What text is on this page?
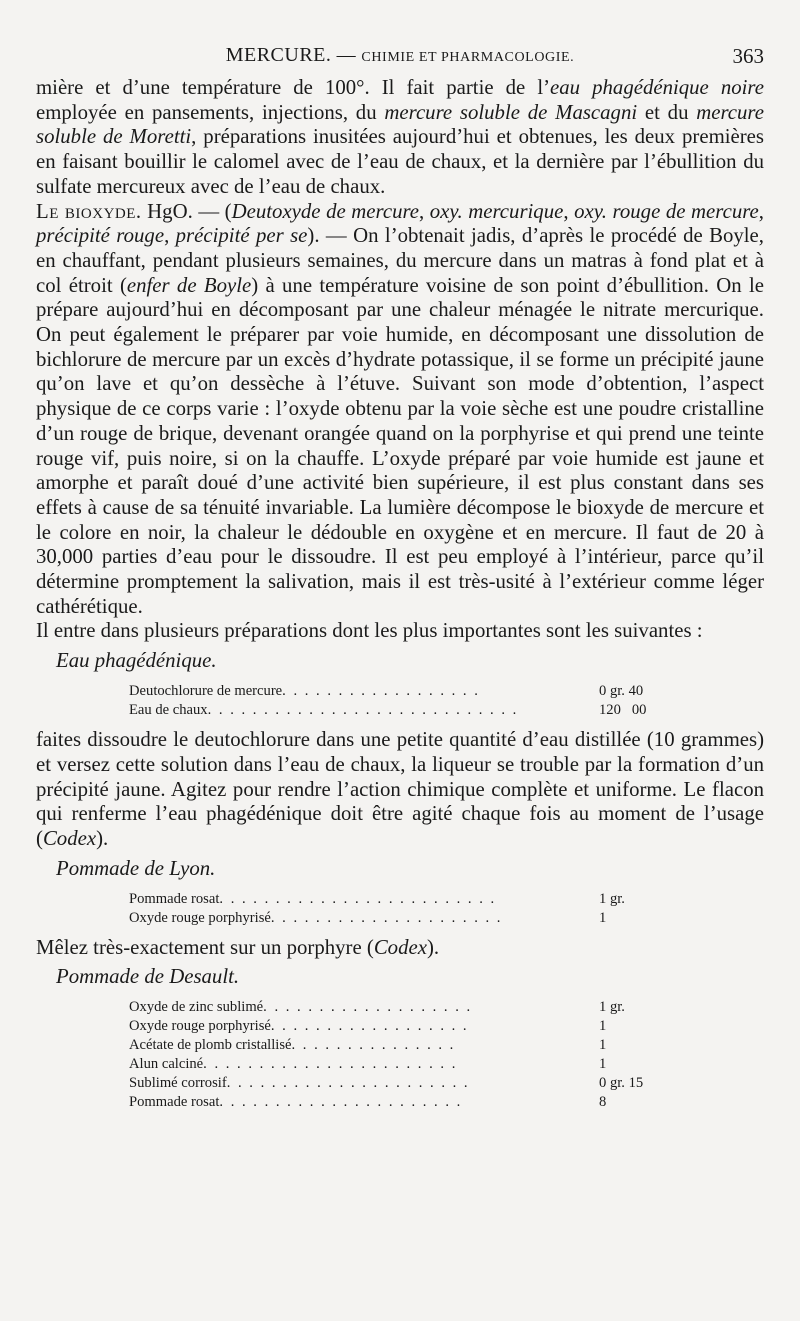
MERCURE. — CHIMIE ET PHARMACOLOGIE.	363

mière et d’une température de 100°. Il fait partie de l’eau phagédénique noire employée en pansements, injections, du mercure soluble de Mascagni et du mercure soluble de Moretti, préparations inusitées aujourd’hui et obtenues, les deux premières en faisant bouillir le calomel avec de l’eau de chaux, et la dernière par l’ébullition du sulfate mercureux avec de l’eau de chaux.

Le bioxyde. HgO. — (Deutoxyde de mercure, oxy. mercurique, oxy. rouge de mercure, précipité rouge, précipité per se). — On l’obtenait jadis, d’après le procédé de Boyle, en chauffant, pendant plusieurs semaines, du mercure dans un matras à fond plat et à col étroit (enfer de Boyle) à une température voisine de son point d’ébullition. On le prépare aujourd’hui en décomposant par une chaleur ménagée le nitrate mercurique. On peut également le préparer par voie humide, en décomposant une dissolution de bichlorure de mercure par un excès d’hydrate potassique, il se forme un précipité jaune qu’on lave et qu’on dessèche à l’étuve. Suivant son mode d’obtention, l’aspect physique de ce corps varie : l’oxyde obtenu par la voie sèche est une poudre cristalline d’un rouge de brique, devenant orangée quand on la porphyrise et qui prend une teinte rouge vif, puis noire, si on la chauffe. L’oxyde préparé par voie humide est jaune et amorphe et paraît doué d’une activité bien supérieure, il est plus constant dans ses effets à cause de sa ténuité invariable. La lumière décompose le bioxyde de mercure et le colore en noir, la chaleur le dédouble en oxygène et en mercure. Il faut de 20 à 30,000 parties d’eau pour le dissoudre. Il est peu employé à l’intérieur, parce qu’il détermine promptement la salivation, mais il est très-usité à l’extérieur comme léger cathérétique.

Il entre dans plusieurs préparations dont les plus importantes sont les suivantes :

Eau phagédénique.
Deutochlorure de mercure. . . . . . . . . . . . . . . . . .	0 gr. 40
Eau de chaux. . . . . . . . . . . . . . . . . . . . . . . . . . . .	120   00

faites dissoudre le deutochlorure dans une petite quantité d’eau distillée (10 grammes) et versez cette solution dans l’eau de chaux, la liqueur se trouble par la formation d’un précipité jaune. Agitez pour rendre l’action chimique complète et uniforme. Le flacon qui renferme l’eau phagédénique doit être agité chaque fois au moment de l’usage (Codex).

Pommade de Lyon.
Pommade rosat. . . . . . . . . . . . . . . . . . . . . . . . .	1 gr.
Oxyde rouge porphyrisé. . . . . . . . . . . . . . . . . . . . .	1

Mêlez très-exactement sur un porphyre (Codex).

Pommade de Desault.
Oxyde de zinc sublimé. . . . . . . . . . . . . . . . . . .	1 gr.
Oxyde rouge porphyrisé. . . . . . . . . . . . . . . . . .	1
Acétate de plomb cristallisé. . . . . . . . . . . . . . .	1
Alun calciné. . . . . . . . . . . . . . . . . . . . . . .	1
Sublimé corrosif. . . . . . . . . . . . . . . . . . . . . .	0 gr. 15
Pommade rosat. . . . . . . . . . . . . . . . . . . . . .	8
